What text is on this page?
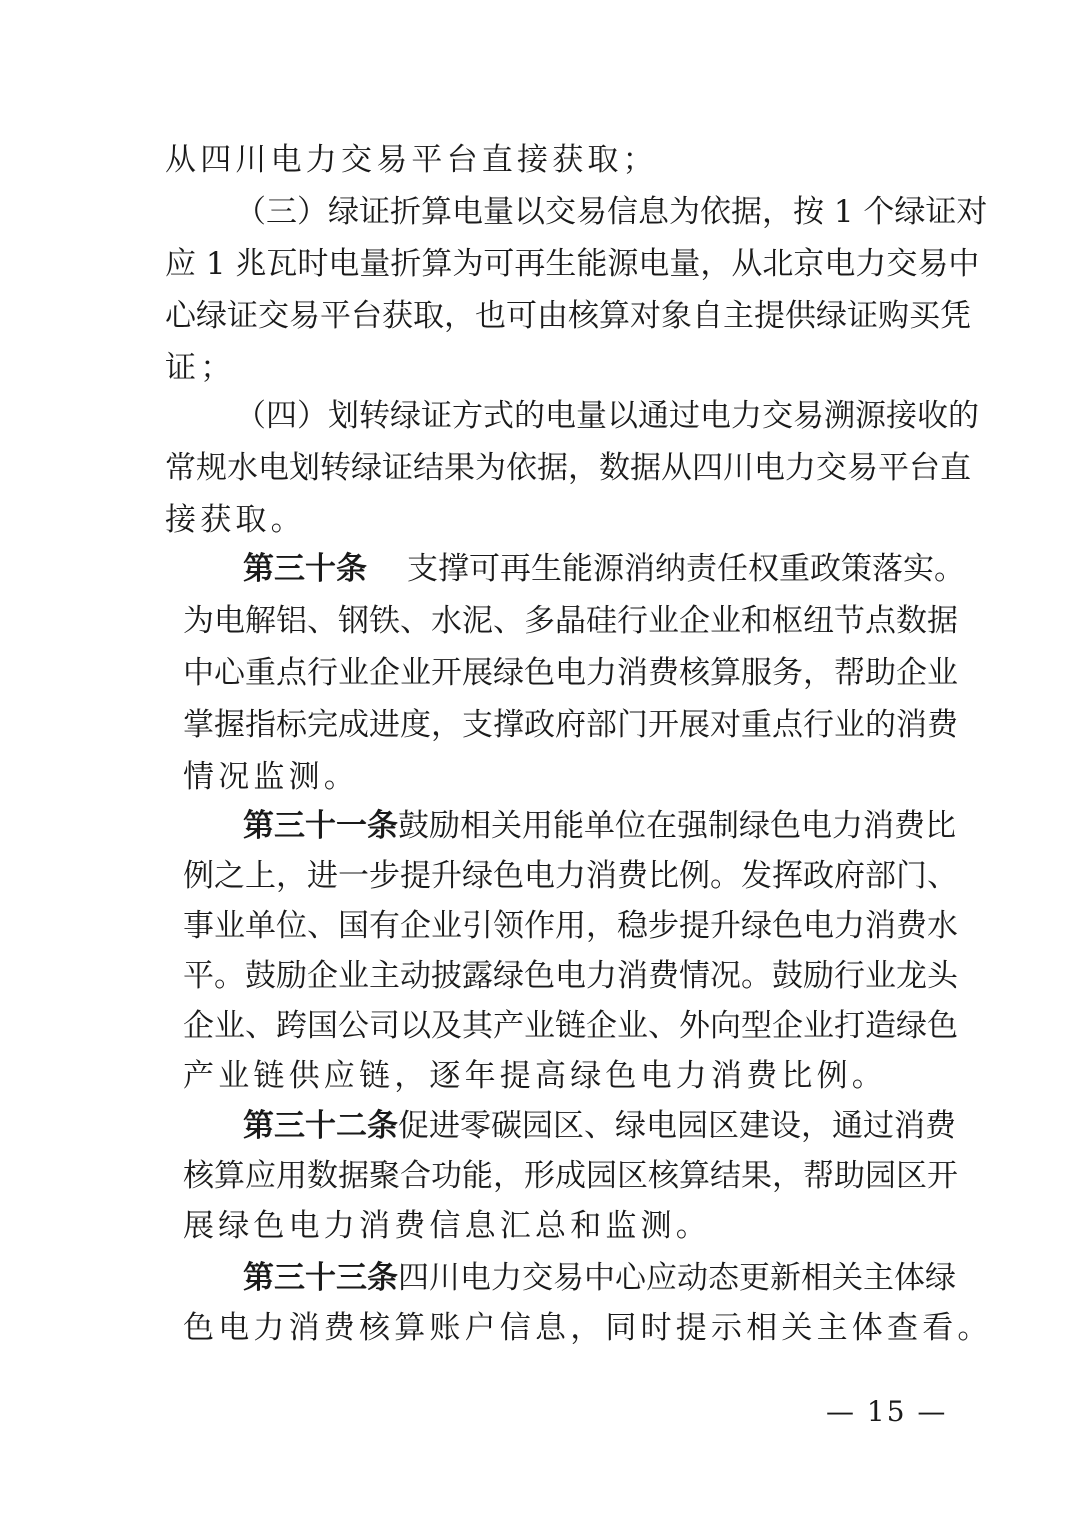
从四川电力交易平台直接获取；
（三）绿证折算电量以交易信息为依据，按 1 个绿证对
应 1 兆瓦时电量折算为可再生能源电量，从北京电力交易中
心绿证交易平台获取，也可由核算对象自主提供绿证购买凭
证；
（四）划转绿证方式的电量以通过电力交易溯源接收的
常规水电划转绿证结果为依据，数据从四川电力交易平台直
接获取。
第三十条 支撑可再生能源消纳责任权重政策落实。
为电解铝、钢铁、水泥、多晶硅行业企业和枢纽节点数据
中心重点行业企业开展绿色电力消费核算服务，帮助企业
掌握指标完成进度，支撑政府部门开展对重点行业的消费
情况监测。
第三十一条鼓励相关用能单位在强制绿色电力消费比
例之上，进一步提升绿色电力消费比例。发挥政府部门、
事业单位、国有企业引领作用，稳步提升绿色电力消费水
平。鼓励企业主动披露绿色电力消费情况。鼓励行业龙头
企业、跨国公司以及其产业链企业、外向型企业打造绿色
产业链供应链，逐年提高绿色电力消费比例。
第三十二条促进零碳园区、绿电园区建设，通过消费
核算应用数据聚合功能，形成园区核算结果，帮助园区开
展绿色电力消费信息汇总和监测。
第三十三条四川电力交易中心应动态更新相关主体绿
色电力消费核算账户信息，同时提示相关主体查看。
— 15 —
